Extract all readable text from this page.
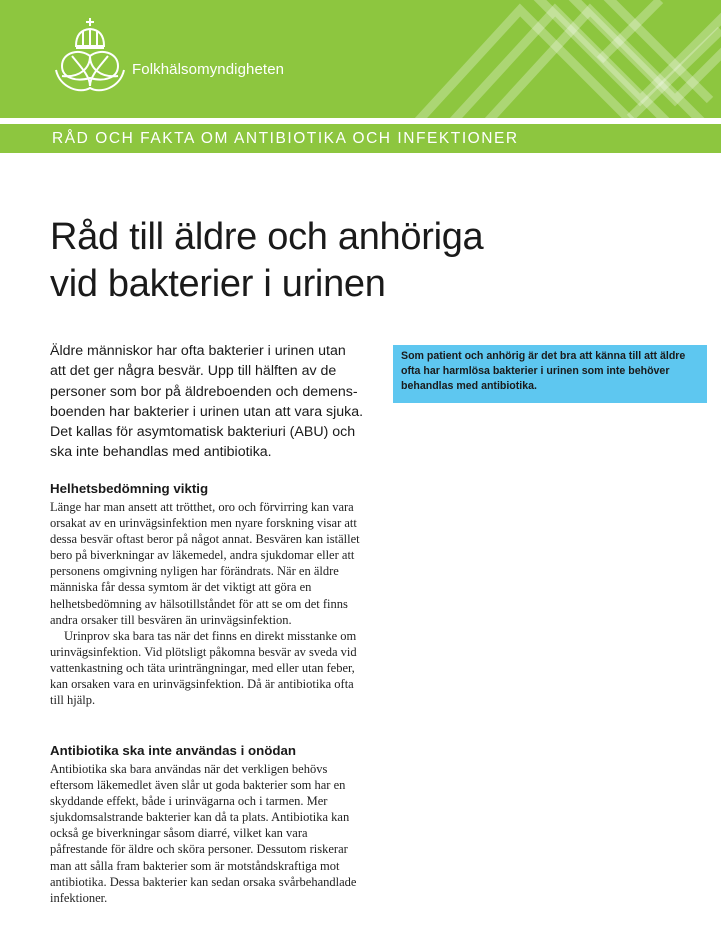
Folkhälsomyndigheten
RÅD OCH FAKTA OM ANTIBIOTIKA OCH INFEKTIONER
Råd till äldre och anhöriga
vid bakterier i urinen
Äldre människor har ofta bakterier i urinen utan att det ger några besvär. Upp till hälften av de personer som bor på äldreboenden och demensboenden har bakterier i urinen utan att vara sjuka. Det kallas för asymtomatisk bakteriuri (ABU) och ska inte behandlas med antibiotika.
Helhetsbedömning viktig

Länge har man ansett att trötthet, oro och förvirring kan vara orsakat av en urinvägsinfektion men nyare forskning visar att dessa besvär oftast beror på något annat. Besvären kan istället bero på biverkningar av läkemedel, andra sjukdomar eller att personens omgivning nyligen har förändrats. När en äldre människa får dessa symtom är det viktigt att göra en helhetsbedömning av hälsotillståndet för att se om det finns andra orsaker till besvären än urinvägsinfektion.

Urinprov ska bara tas när det finns en direkt misstanke om urinvägsinfektion. Vid plötsligt påkomna besvär av sveda vid vattenkastning och täta urinträngningar, med eller utan feber, kan orsaken vara en urinvägsinfektion. Då är antibiotika ofta till hjälp.

Antibiotika ska inte användas i onödan

Antibiotika ska bara användas när det verkligen behövs eftersom läkemedlet även slår ut goda bakterier som har en skyddande effekt, både i urinvägarna och i tarmen. Mer sjukdomsalstrande bakterier kan då ta plats. Antibiotika kan också ge biverkningar såsom diarré, vilket kan vara påfrestande för äldre och sköra personer. Dessutom riskerar man att sålla fram bakterier som är motståndskraftiga mot antibiotika. Dessa bakterier kan sedan orsaka svårbehandlade infektioner.

Som patient och anhörig är det bra att känna till att äldre ofta har harmlösa bakterier i urinen som inte behöver behandlas med antibiotika.
